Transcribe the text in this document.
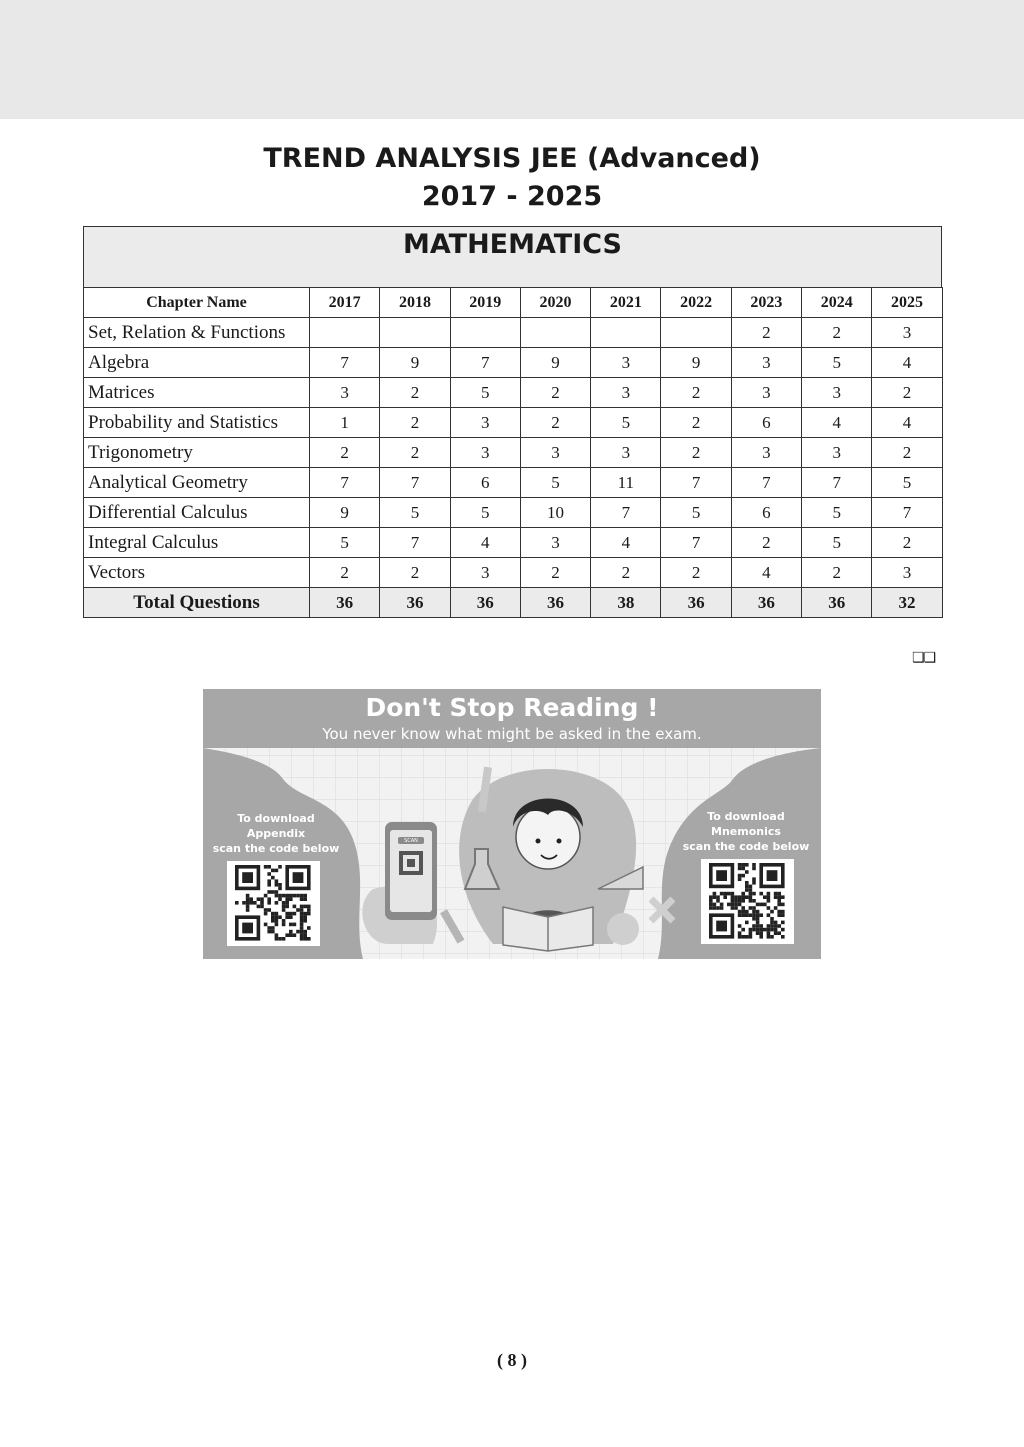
TREND ANALYSIS JEE (Advanced)
2017 - 2025
MATHEMATICS
Chapter Name	2017	2018	2019	2020	2021	2022	2023	2024	2025
Set, Relation & Functions							2	2	3
Algebra	7	9	7	9	3	9	3	5	4
Matrices	3	2	5	2	3	2	3	3	2
Probability and Statistics	1	2	3	2	5	2	6	4	4
Trigonometry	2	2	3	3	3	2	3	3	2
Analytical Geometry	7	7	6	5	11	7	7	7	5
Differential Calculus	9	5	5	10	7	5	6	5	7
Integral Calculus	5	7	4	3	4	7	2	5	2
Vectors	2	2	3	2	2	2	4	2	3
Total Questions	36	36	36	36	38	36	36	36	32
❑❑
Don't Stop Reading !
You never know what might be asked in the exam.
To download
Appendix
scan the code below
To download
Mnemonics
scan the code below
SCAN
( 8 )
